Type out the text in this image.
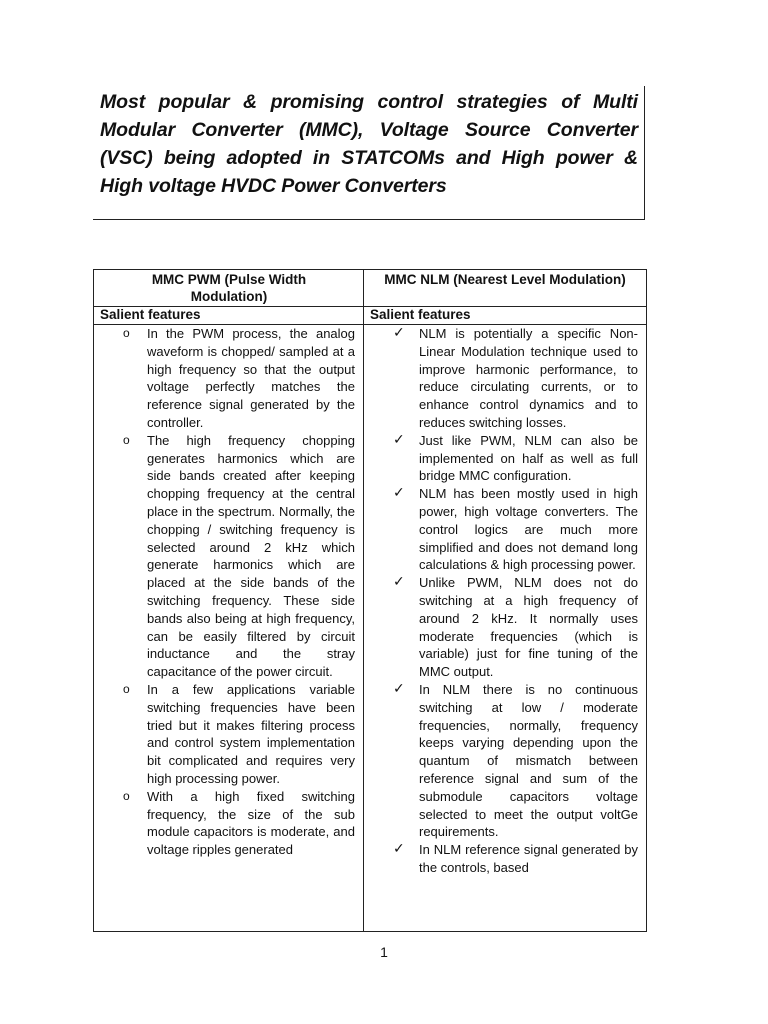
Most popular & promising control strategies of Multi Modular Converter (MMC), Voltage Source Converter (VSC) being adopted in STATCOMs and High power & High voltage HVDC Power Converters
MMC PWM (Pulse Width Modulation)
MMC NLM (Nearest Level Modulation)
Salient features	Salient features
o In the PWM process, the analog waveform is chopped/ sampled at a high frequency so that the output voltage perfectly matches the reference signal generated by the controller.
o The high frequency chopping generates harmonics which are side bands created after keeping chopping frequency at the central place in the spectrum. Normally, the chopping / switching frequency is selected around 2 kHz which generate harmonics which are placed at the side bands of the switching frequency. These side bands also being at high frequency, can be easily filtered by circuit inductance and the stray capacitance of the power circuit.
o In a few applications variable switching frequencies have been tried but it makes filtering process and control system implementation bit complicated and requires very high processing power.
o With a high fixed switching frequency, the size of the sub module capacitors is moderate, and voltage ripples generated
✓ NLM is potentially a specific Non-Linear Modulation technique used to improve harmonic performance, to reduce circulating currents, or to enhance control dynamics and to reduces switching losses.
✓ Just like PWM, NLM can also be implemented on half as well as full bridge MMC configuration.
✓ NLM has been mostly used in high power, high voltage converters. The control logics are much more simplified and does not demand long calculations & high processing power.
✓ Unlike PWM, NLM does not do switching at a high frequency of around 2 kHz. It normally uses moderate frequencies (which is variable) just for fine tuning of the MMC output.
✓ In NLM there is no continuous switching at low / moderate frequencies, normally, frequency keeps varying depending upon the quantum of mismatch between reference signal and sum of the submodule capacitors voltage selected to meet the output voltGe requirements.
✓ In NLM reference signal generated by the controls, based
1
